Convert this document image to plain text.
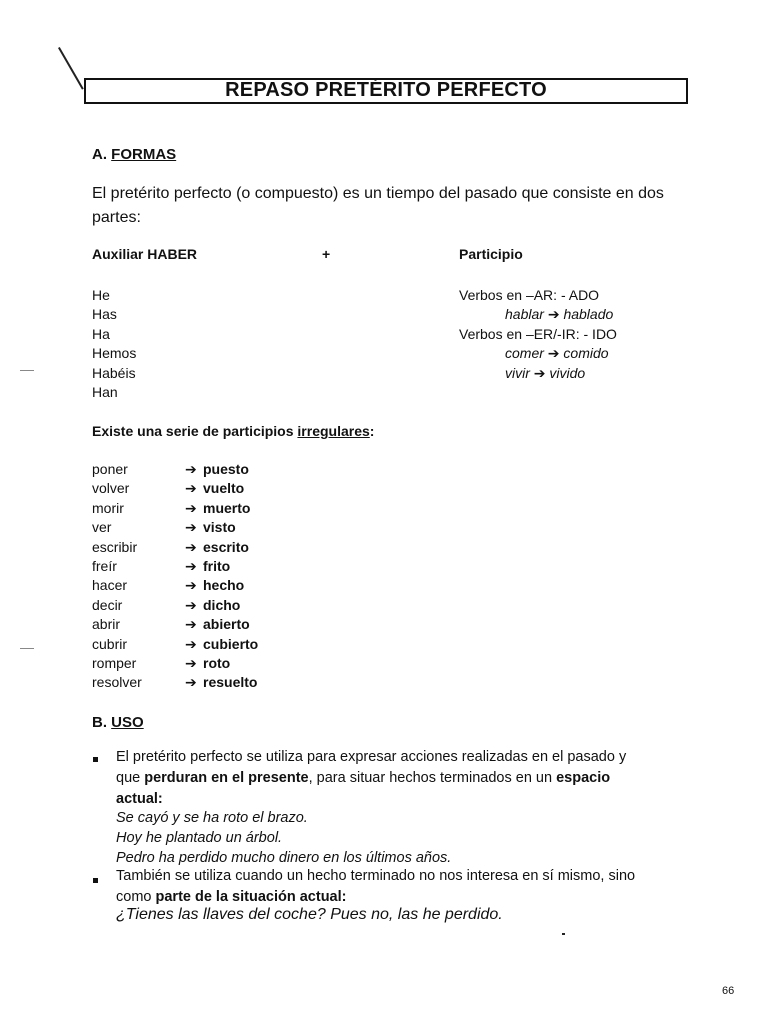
REPASO PRETÉRITO PERFECTO
A. FORMAS
El pretérito perfecto (o compuesto) es un tiempo del pasado que consiste en dos partes:
Auxiliar HABER	+	Participio
He
Has
Ha
Hemos
Habéis
Han
Verbos en –AR: - ADO
hablar ➔ hablado
Verbos en –ER/-IR: - IDO
comer ➔ comido
vivir ➔ vivido
Existe una serie de participios irregulares:
poner
volver
morir
ver
escribir
freír
hacer
decir
abrir
cubrir
romper
resolver
➔ puesto
➔ vuelto
➔ muerto
➔ visto
➔ escrito
➔ frito
➔ hecho
➔ dicho
➔ abierto
➔ cubierto
➔ roto
➔ resuelto
B. USO
El pretérito perfecto se utiliza para expresar acciones realizadas en el pasado y
que perduran en el presente, para situar hechos terminados en un espacio
actual:
Se cayó y se ha roto el brazo.
Hoy he plantado un árbol.
Pedro ha perdido mucho dinero en los últimos años.
También se utiliza cuando un hecho terminado no nos interesa en sí mismo, sino
como parte de la situación actual:
¿Tienes las llaves del coche? Pues no, las he perdido.
66
